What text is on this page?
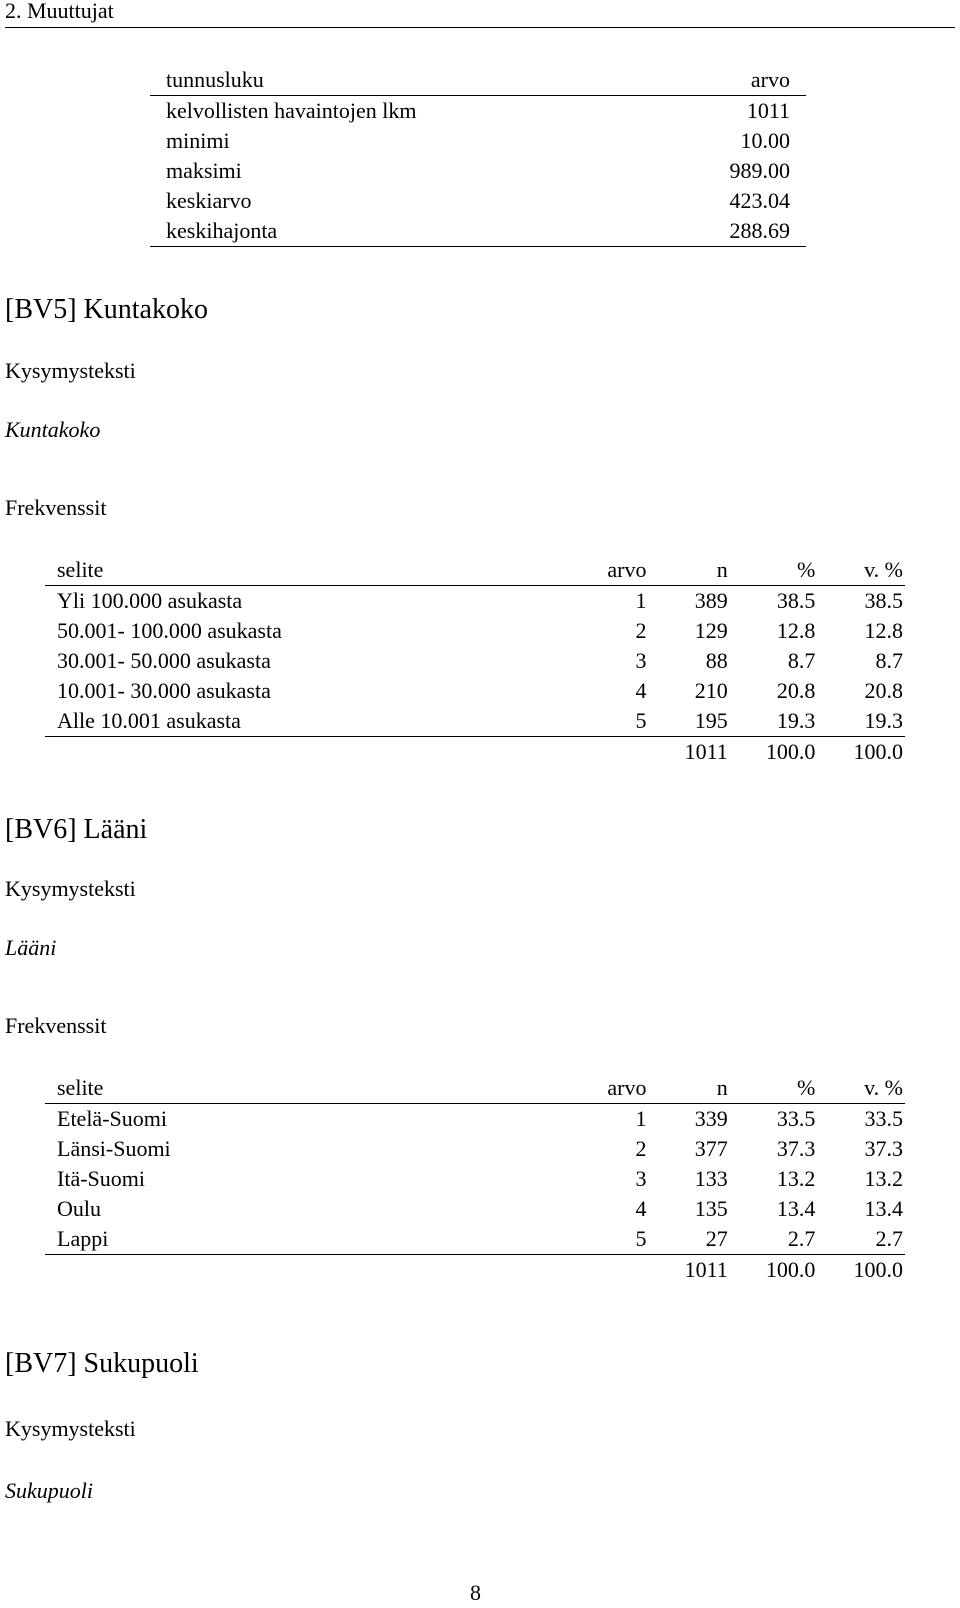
2. Muuttujat
tunnusluku	arvo
kelvollisten havaintojen lkm	1011
minimi	10.00
maksimi	989.00
keskiarvo	423.04
keskihajonta	288.69
[BV5] Kuntakoko
Kysymysteksti
Kuntakoko
Frekvenssit
selite	arvo	n	%	v. %
Yli 100.000 asukasta	1	389	38.5	38.5
50.001- 100.000 asukasta	2	129	12.8	12.8
30.001- 50.000 asukasta	3	88	8.7	8.7
10.001- 30.000 asukasta	4	210	20.8	20.8
Alle 10.001 asukasta	5	195	19.3	19.3
		1011	100.0	100.0
[BV6] Lääni
Kysymysteksti
Lääni
Frekvenssit
selite	arvo	n	%	v. %
Etelä-Suomi	1	339	33.5	33.5
Länsi-Suomi	2	377	37.3	37.3
Itä-Suomi	3	133	13.2	13.2
Oulu	4	135	13.4	13.4
Lappi	5	27	2.7	2.7
		1011	100.0	100.0
[BV7] Sukupuoli
Kysymysteksti
Sukupuoli
8
